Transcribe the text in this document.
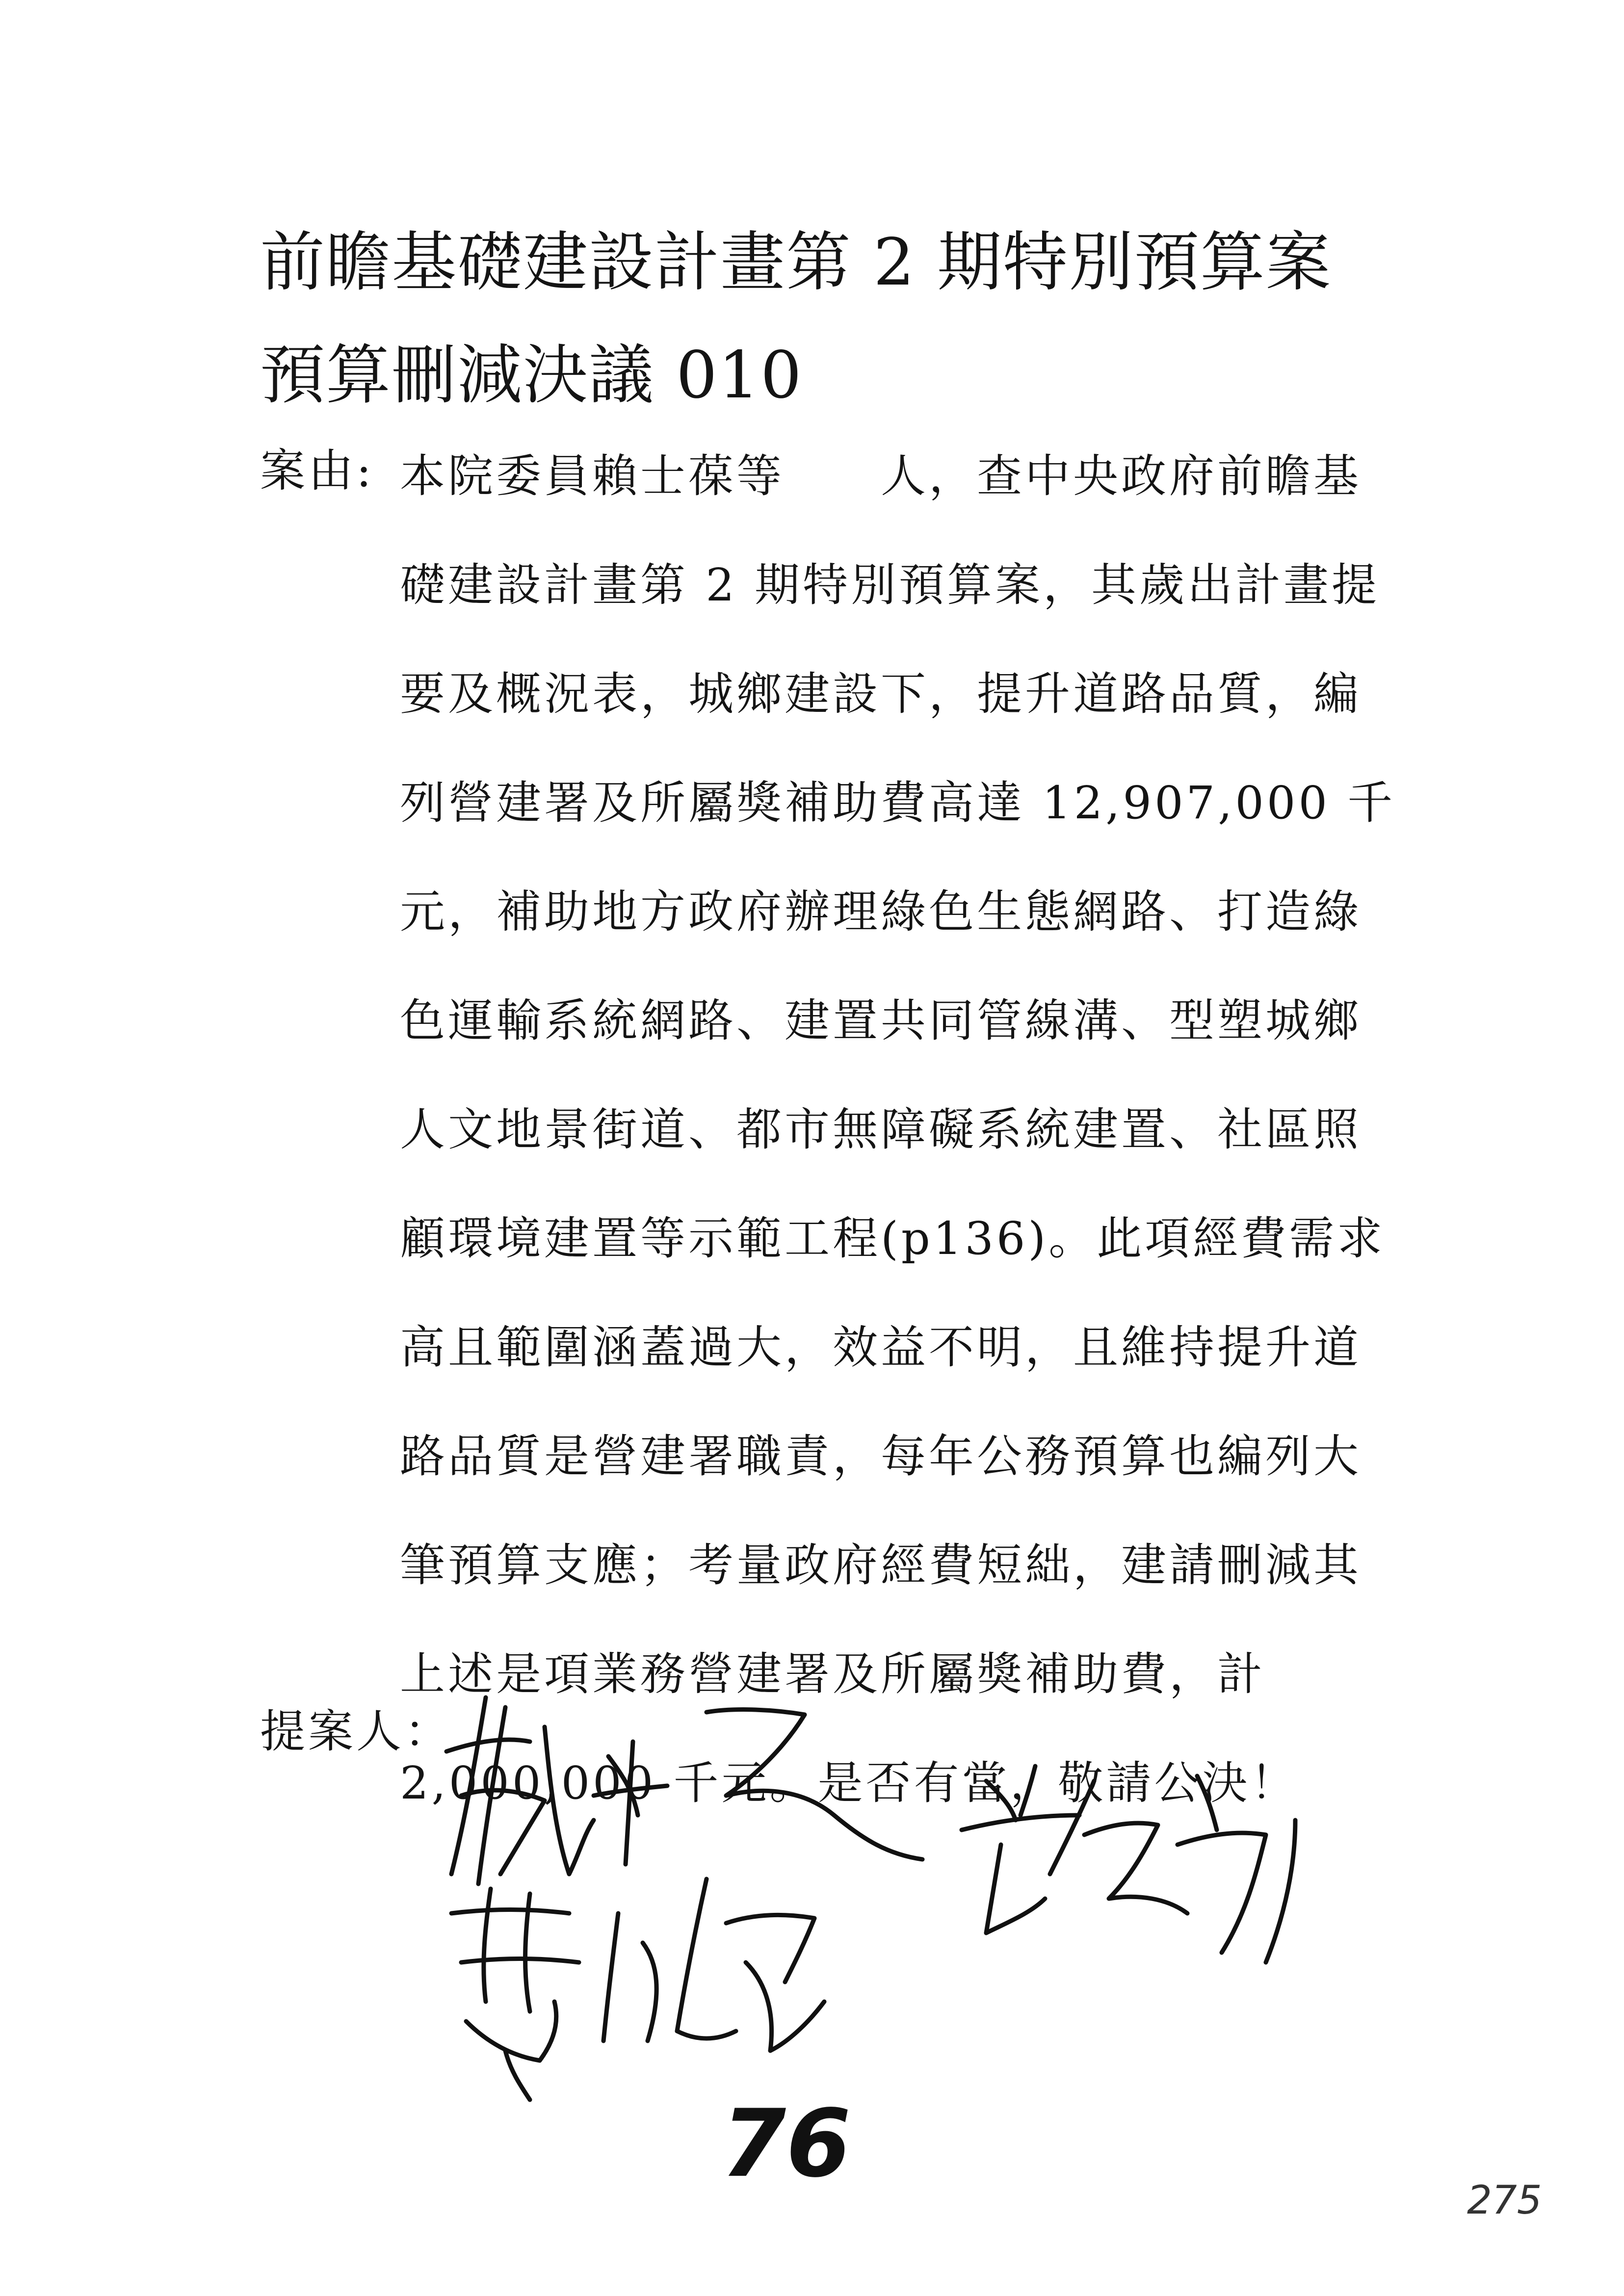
前瞻基礎建設計畫第 2 期特別預算案
預算刪減決議 010
案由: 本院委員賴士葆等　　人，查中央政府前瞻基
礎建設計畫第 2 期特別預算案，其歲出計畫提
要及概況表，城鄉建設下，提升道路品質，編
列營建署及所屬獎補助費高達 12,907,000 千
元，補助地方政府辦理綠色生態網路、打造綠
色運輸系統網路、建置共同管線溝、型塑城鄉
人文地景街道、都市無障礙系統建置、社區照
顧環境建置等示範工程(p136)。此項經費需求
高且範圍涵蓋過大，效益不明，且維持提升道
路品質是營建署職責，每年公務預算也編列大
筆預算支應；考量政府經費短絀，建請刪減其
上述是項業務營建署及所屬獎補助費，計
2,000,000 千元。是否有當，敬請公決！
提案人：
76
275
